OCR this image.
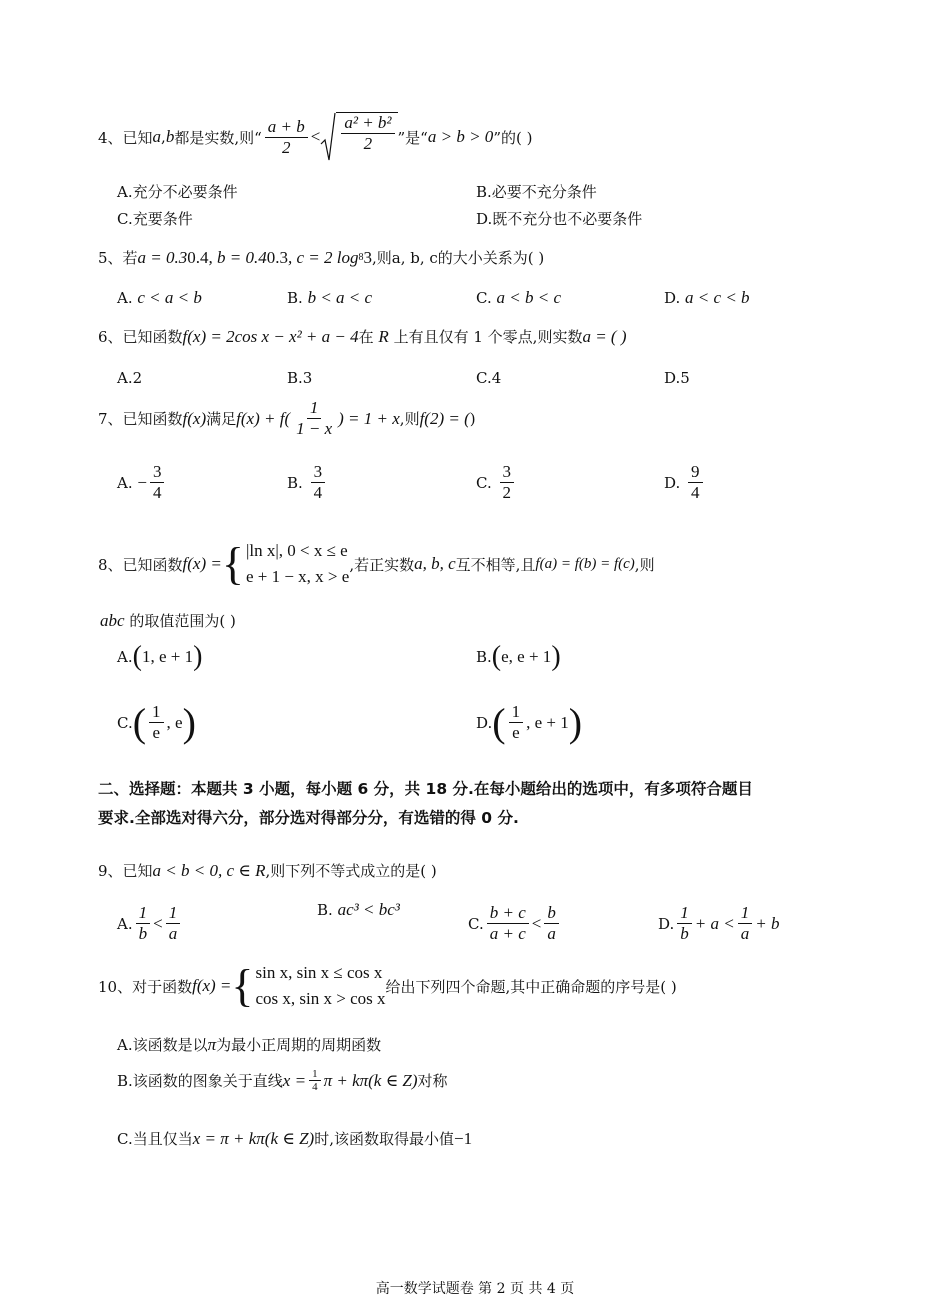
4、已知 a , b 都是实数,则“ $\frac{a + b}{2} < \frac{\text{a² + b²}}{2}$ ”是“ a > b > 0 ”的( )
A.充分不必要条件	B.必要不充分条件
C.充要条件	D.既不充分也不必要条件
5、若 a = 0.3 0.4 , b = 0.4 0.3 , c = 2 log 8 3 ,则a, b, c的大小关系为( )
A.
c < a < b	B.
b < a < c	C.
a < b < c	D.
a < c < b
6、已知函数 f(x) = 2cos x − x² + a − 4 在
R
上有且仅有 1 个零点,则实数 a = ( )
A.2	B.3	C.4	D.5
7、已知函数 f(x) 满足 $f(x) + f( \frac{1}{1 - x}$ ) = 1 + x ,则 f(2) = ( )
A.
− $\frac{3}{4}$	B.
$\frac{3}{4}$	C.
$\frac{3}{2}$	D.
$\frac{9}{4}$
8、已知函数 f(x) = { |ln x|, 0 < x ≤ e
e + 1 − x, x > e
,若正实数 a, b, c 互不相等,且 f(a) = f(b) = f(c) ,则
abc
的取值范围为( )
A. ( 1, e + 1 )	B. ( e, e + 1 )
C. ( $\frac{1}{e}$ , e )	D. ( $\frac{1}{e}$ , e + 1 )
二、选择题：本题共 3 小题，每小题 6 分，共 18 分.在每小题给出的选项中，有多项符合题目
要求.全部选对得六分，部分选对得部分分，有选错的得 0 分.
9、已知 a < b < 0, c ∈ R ,则下列不等式成立的是( )
A. $\frac{1}{b} < \frac{1}{a}$	B.
ac³ < bc³
C. $\frac{b + c}{a + c} < \frac{b}{a}$	D. $\frac{1}{b} + a < \frac{1}{a} + b$
10、对于函数 f(x) = { sin x, sin x ≤ cos x
cos x, sin x > cos x
给出下列四个命题,其中正确命题的序号是( )
A.该函数是以 π 为最小正周期的周期函数
B.该函数的图象关于直线 $x = \frac{1}{4}$ π + kπ(k ∈ Z) 对称
C.当且仅当 x = π + kπ(k ∈ Z) 时,该函数取得最小值 −1
高一数学试题卷 第 2 页 共 4 页
